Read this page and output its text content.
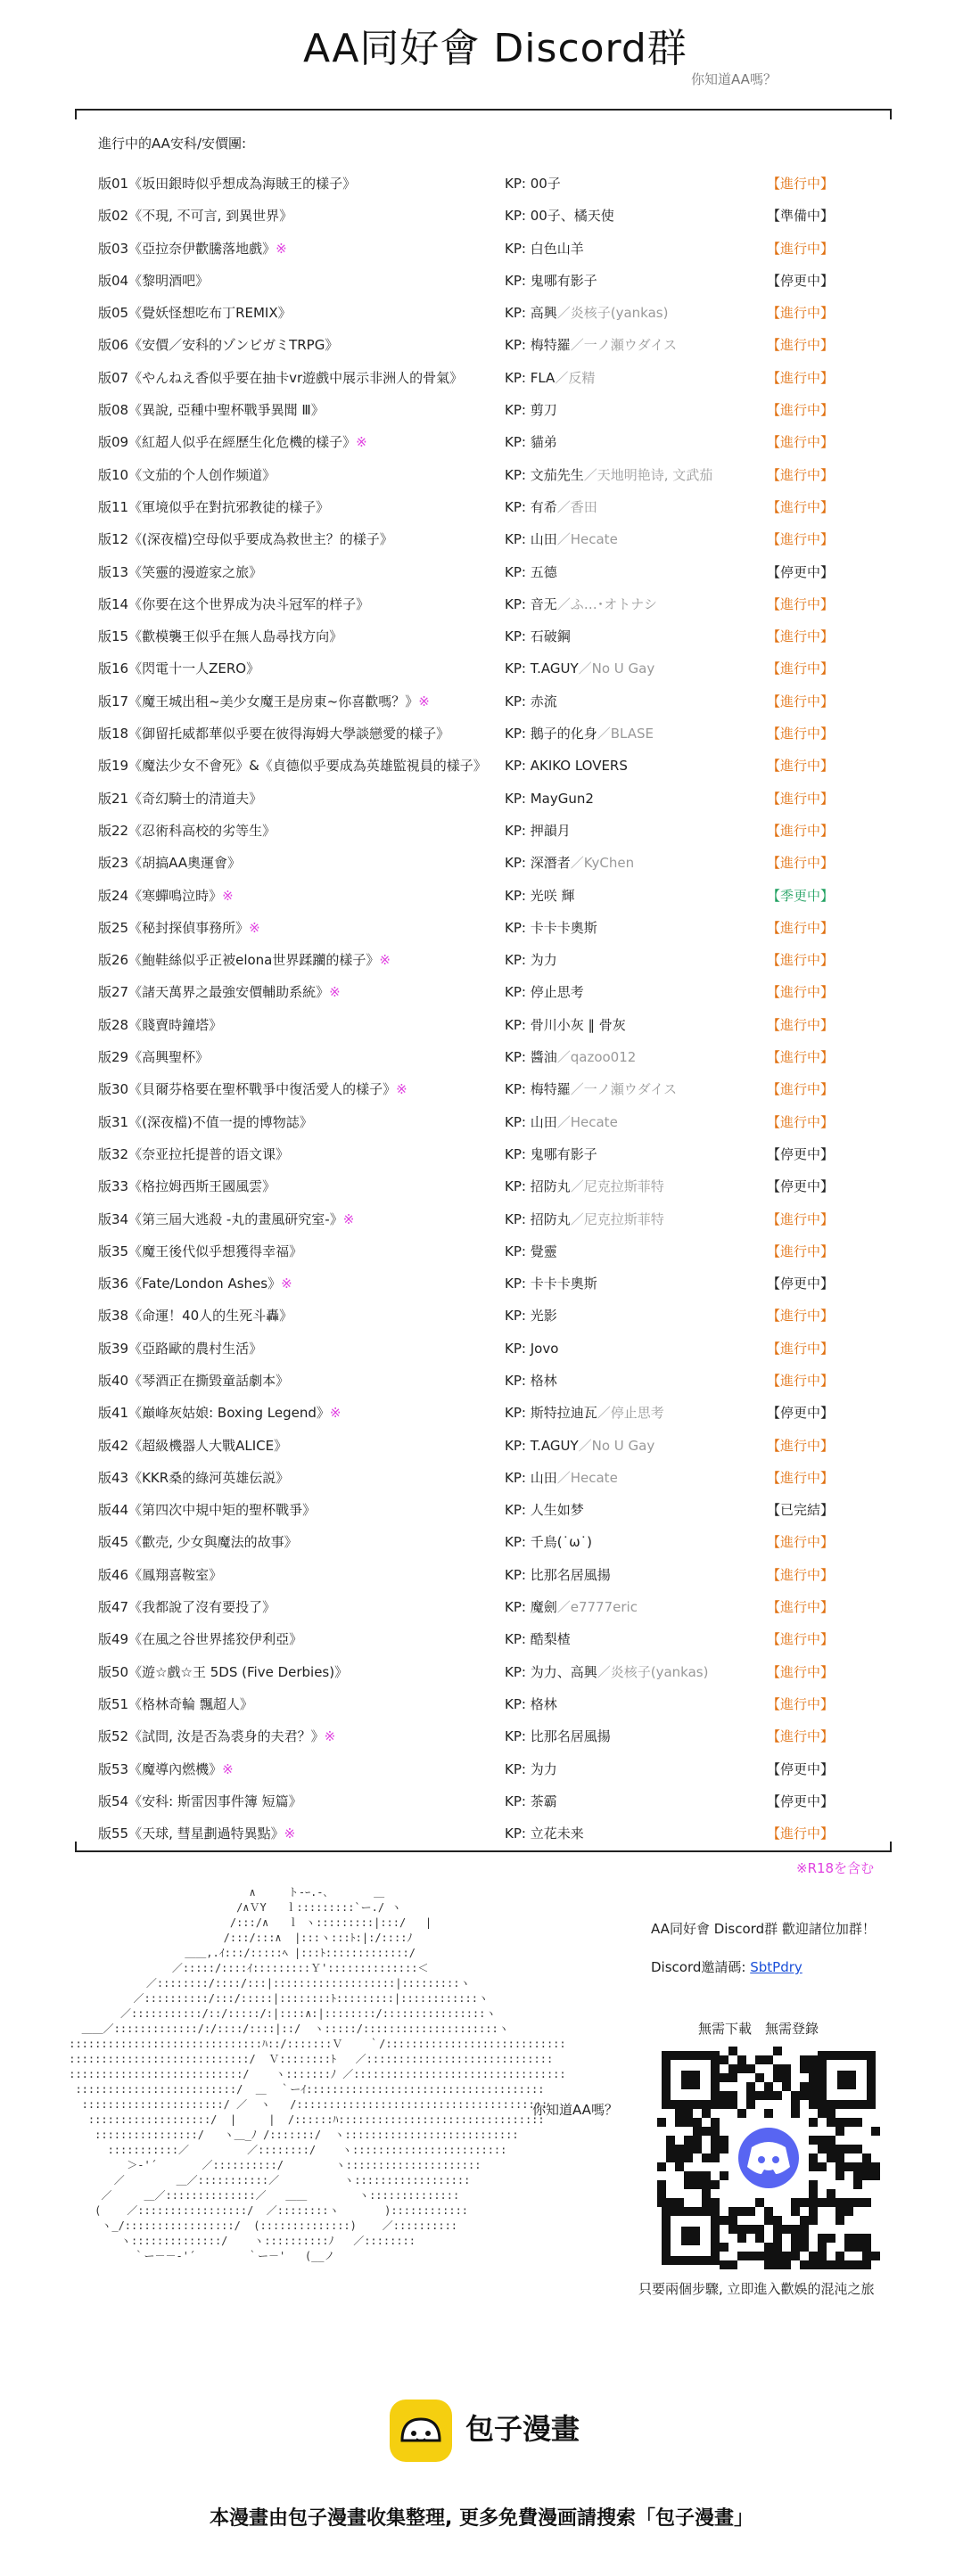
AA同好會 Discord群
你知道AA嗎？
進行中的AA安科/安價團:
版01《坂田銀時似乎想成為海賊王的樣子》	KP: 00子	【進行中】
版02《不現, 不可言, 到異世界》	KP: 00子、橘天使	【準備中】
版03《亞拉奈伊歡騰落地戲》※	KP: 白色山羊	【進行中】
版04《黎明酒吧》	KP: 鬼哪有影子	【停更中】
版05《覺妖怪想吃布丁REMIX》	KP: 高興／炎核子(yankas)	【進行中】
版06《安價／安科的ゾンビガミTRPG》	KP: 梅特羅／一ノ瀬ウダイス	【進行中】
版07《やんねえ香似乎要在抽卡vr遊戲中展示非洲人的骨氣》	KP: FLA／反精	【進行中】
版08《異說, 亞種中聖杯戰爭異聞 Ⅲ》	KP: 剪刀	【進行中】
版09《紅超人似乎在經歷生化危機的樣子》※	KP: 貓弟	【進行中】
版10《文茄的个人创作频道》	KP: 文茄先生／天地明艳诗, 文武茄	【進行中】
版11《軍境似乎在對抗邪教徒的樣子》	KP: 有希／香田	【進行中】
版12《(深夜檔)空母似乎要成為救世主？的樣子》	KP: 山田／Hecate	【進行中】
版13《笑靈的漫遊家之旅》	KP: 五德	【停更中】
版14《你要在这个世界成为决斗冠军的样子》	KP: 音无／ふ…･オトナシ	【進行中】
版15《歡模襲王似乎在無人島尋找方向》	KP: 石破鋼	【進行中】
版16《閃電十一人ZERO》	KP: T.AGUY／No U Gay	【進行中】
版17《魔王城出租~美少女魔王是房東~你喜歡嗎？》※	KP: 赤流	【進行中】
版18《御留托威都華似乎要在彼得海姆大學談戀愛的樣子》	KP: 鵝子的化身／BLASE	【進行中】
版19《魔法少女不會死》&《貞德似乎要成為英雄監視員的樣子》 KP: AKIKO LOVERS	【進行中】
版21《奇幻騎士的清道夫》	KP: MayGun2	【進行中】
版22《忍術科高校的劣等生》	KP: 押韻月	【進行中】
版23《胡搞AA奧運會》	KP: 深潛者／KyChen	【進行中】
版24《寒蟬鳴泣時》※	KP: 光咲 輝	【季更中】
版25《秘封探偵事務所》※	KP: 卡卡卡奧斯	【進行中】
版26《鮑鞋絲似乎正被elona世界蹂躪的樣子》※	KP: 为力	【進行中】
版27《諸天萬界之最強安價輔助系統》※	KP: 停止思考	【進行中】
版28《賤賣時鐘塔》	KP: 骨川小灰 ‖ 骨灰	【進行中】
版29《高興聖杯》	KP: 醬油／qazoo012	【進行中】
版30《貝爾芬格要在聖杯戰爭中復活愛人的樣子》※	KP: 梅特羅／一ノ瀬ウダイス	【進行中】
版31《(深夜檔)不值一提的博物誌》	KP: 山田／Hecate	【進行中】
版32《奈亚拉托提普的语文课》	KP: 鬼哪有影子	【停更中】
版33《格拉姆西斯王國風雲》	KP: 招防丸／尼克拉斯菲特	【停更中】
版34《第三屆大逃殺 -丸的畫風研究室-》※	KP: 招防丸／尼克拉斯菲特	【進行中】
版35《魔王後代似乎想獲得幸福》	KP: 覺靈	【進行中】
版36《Fate/London Ashes》※	KP: 卡卡卡奧斯	【停更中】
版38《命運！40人的生死斗轟》	KP: 光影	【進行中】
版39《亞路歐的農村生活》	KP: Jovo	【進行中】
版40《琴酒正在撕毀童話劇本》	KP: 格林	【進行中】
版41《巔峰灰姑娘: Boxing Legend》※	KP: 斯特拉迪瓦／停止思考	【停更中】
版42《超級機器人大戰ALICE》	KP: T.AGUY／No U Gay	【進行中】
版43《KKR桑的綠河英雄伝説》	KP: 山田／Hecate	【進行中】
版44《第四次中規中矩的聖杯戰爭》	KP: 人生如梦	【已完結】
版45《歡売, 少女與魔法的故事》	KP: 千鳥(˙ω˙)	【進行中】
版46《鳳翔喜鞍室》	KP: 比那名居風揚	【進行中】
版47《我都說了沒有要投了》	KP: 魔劍／e7777eric	【進行中】
版49《在風之谷世界搖狡伊利亞》	KP: 酷梨楂	【進行中】
版50《遊☆戲☆王 5DS (Five Derbies)》	KP: 为力、高興／炎核子(yankas)	【進行中】
版51《格林奇輪 飄超人》	KP: 格林	【進行中】
版52《試問, 汝是否為裘身的夫君？》※	KP: 比那名居風揚	【進行中】
版53《魔導內燃機》※	KP: 为力	【停更中】
版54《安科: 斯雷因事件簿 短篇》	KP: 茶霸	【停更中】
版55《天球, 彗星劃過特異點》※	KP: 立花未来	【進行中】
※R18を含む
∧     ト‐ｰ.-､       ＿
/∧ＶY   ｌ:::::::::`ー./ ヽ
/:::/∧   ｌ ヽ:::::::::|:::/   |
/:::/:::∧  |:::ヽ:::ﾄ:|:/::::ﾉ
＿＿,.ｲ:::/:::::ﾍ |:::ﾄ:::::::::::::/
／:::::/::::ｲ:::::::::Ｙ'::::::::::::::＜
／::::::::/::::/:::|:::::::::::::::::::|:::::::::ヽ
／::::::::::/:::/:::::|::::::::ﾄ:::::::::|::::::::::::ヽ
／:::::::::::/::/:::::/:|::::∧:|::::::::/::::::::::::::::ヽ
＿＿／:::::::::::::/:/::::/::::|::/  ヽ:::::/:::::::::::::::::::::ヽ
::::::::::::::::::::::::::::::ﾊ::/:::::::Ｖ    ｀/::::::::::::::::::::::::::::
::::::::::::::::::::::::::::/  Ｖ::::::::ﾄ   ／:::::::::::::::::::::::::::::
:::::::::::::::::::::::::::/    ヽ:::::::ﾉ ／:::::::::::::::::::::::::::::::::
:::::::::::::::::::::::::/  ＿  ｀ーｲ:::::::::::::::::::::::::::::::::::::
::::::::::::::::::::::/ ／  ヽ   /:::::::::::::::::::::::::::::::::::::::
:::::::::::::::::::/  |     |  /::::::ﾊ::::::::::::::::::::::::::::::::
::::::::::::::::/   ヽ＿_ﾉ /:::::::/  ヽ:::::::::::::::::::::::::::
:::::::::::／         ／::::::::/    ヽ::::::::::::::::::::::::
＞‐'´       ／::::::::::/        ヽ:::::::::::::::::::::
／        ＿／:::::::::::／          ヽ::::::::::::::::::
／     ＿／::::::::::::::／   ＿＿        ヽ::::::::::::::
(    ／:::::::::::::::::/  ／::::::::ヽ       )::::::::::::
ヽ_/:::::::::::::::::/  (::::::::::::::)    ／::::::::::
ヽ::::::::::::::/    ヽ::::::::::ﾉ   ／::::::::
｀ー－－‐'´        ｀ー－'   (__ノ

你知道AA嗎？
AA同好會 Discord群 歡迎諸位加群！
Discord邀請碼: SbtPdry
無需下載　無需登錄
只要兩個步驟, 立即進入歡娛的混沌之旅
包子漫畫
本漫畫由包子漫畫收集整理, 更多免費漫画請搜索「包子漫畫」
